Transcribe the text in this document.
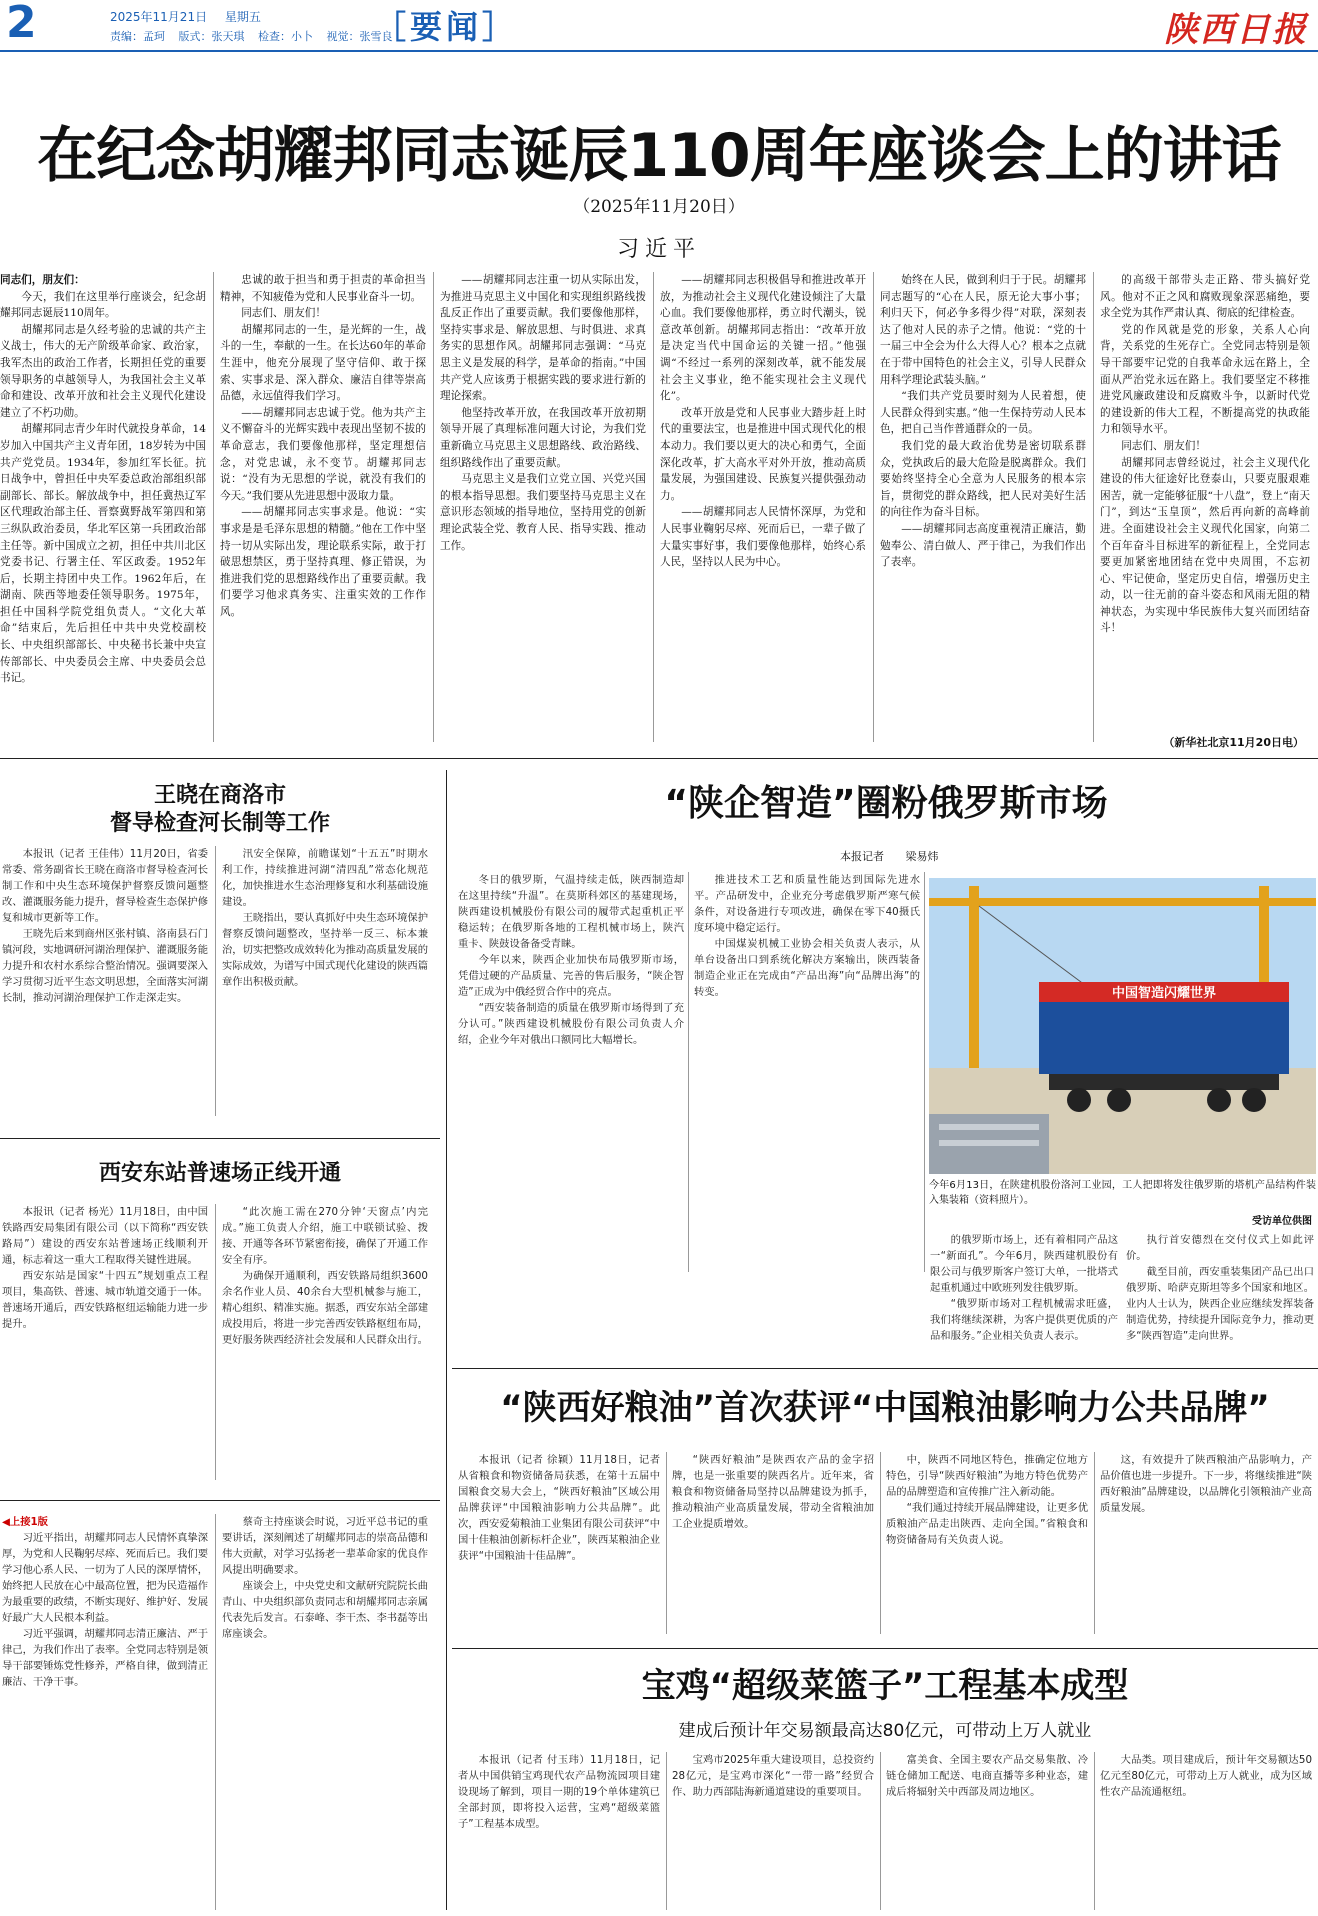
2	2025年11月21日 星期五
责编：孟珂 版式：张天琪 检查：小卜 视觉：张雪良
［要闻］	陕西日报
在纪念胡耀邦同志诞辰110周年座谈会上的讲话
（2025年11月20日）
习近平

同志们，朋友们：

今天，我们在这里举行座谈会，纪念胡耀邦同志诞辰110周年。

胡耀邦同志是久经考验的忠诚的共产主义战士，伟大的无产阶级革命家、政治家，我军杰出的政治工作者，长期担任党的重要领导职务的卓越领导人，为我国社会主义革命和建设、改革开放和社会主义现代化建设建立了不朽功勋。

胡耀邦同志青少年时代就投身革命，14岁加入中国共产主义青年团，18岁转为中国共产党党员。1934年，参加红军长征。抗日战争中，曾担任中央军委总政治部组织部副部长、部长。解放战争中，担任冀热辽军区代理政治部主任、晋察冀野战军第四和第三纵队政治委员，华北军区第一兵团政治部主任等。新中国成立之初，担任中共川北区党委书记、行署主任、军区政委。1952年后，长期主持团中央工作。1962年后，在湖南、陕西等地委任领导职务。1975年，担任中国科学院党组负责人。“文化大革命”结束后，先后担任中共中央党校副校长、中央组织部部长、中央秘书长兼中央宣传部部长、中央委员会主席、中央委员会总书记。

忠诚的敢于担当和勇于担责的革命担当精神，不知疲倦为党和人民事业奋斗一切。

同志们、朋友们！

胡耀邦同志的一生，是光辉的一生，战斗的一生，奉献的一生。在长达60年的革命生涯中，他充分展现了坚守信仰、敢于探索、实事求是、深入群众、廉洁自律等崇高品德，永远值得我们学习。

——胡耀邦同志忠诚于党。他为共产主义不懈奋斗的光辉实践中表现出坚韧不拔的革命意志，我们要像他那样，坚定理想信念，对党忠诚，永不变节。胡耀邦同志说：“没有为无思想的学说，就没有我们的今天。”我们要从先进思想中汲取力量。

——胡耀邦同志实事求是。他说：“实事求是是毛泽东思想的精髓。”他在工作中坚持一切从实际出发，理论联系实际，敢于打破思想禁区，勇于坚持真理、修正错误，为推进我们党的思想路线作出了重要贡献。我们要学习他求真务实、注重实效的工作作风。

——胡耀邦同志注重一切从实际出发，为推进马克思主义中国化和实现组织路线拨乱反正作出了重要贡献。我们要像他那样，坚持实事求是、解放思想、与时俱进、求真务实的思想作风。胡耀邦同志强调：“马克思主义是发展的科学，是革命的指南。”中国共产党人应该勇于根据实践的要求进行新的理论探索。

他坚持改革开放，在我国改革开放初期领导开展了真理标准问题大讨论，为我们党重新确立马克思主义思想路线、政治路线、组织路线作出了重要贡献。

马克思主义是我们立党立国、兴党兴国的根本指导思想。我们要坚持马克思主义在意识形态领域的指导地位，坚持用党的创新理论武装全党、教育人民、指导实践、推动工作。

——胡耀邦同志积极倡导和推进改革开放，为推动社会主义现代化建设倾注了大量心血。我们要像他那样，勇立时代潮头，锐意改革创新。胡耀邦同志指出：“改革开放是决定当代中国命运的关键一招。”他强调“不经过一系列的深刻改革，就不能发展社会主义事业，绝不能实现社会主义现代化”。

改革开放是党和人民事业大踏步赶上时代的重要法宝，也是推进中国式现代化的根本动力。我们要以更大的决心和勇气，全面深化改革，扩大高水平对外开放，推动高质量发展，为强国建设、民族复兴提供强劲动力。

——胡耀邦同志人民情怀深厚，为党和人民事业鞠躬尽瘁、死而后已，一辈子做了大量实事好事，我们要像他那样，始终心系人民，坚持以人民为中心。

始终在人民，做到利归于于民。胡耀邦同志题写的“心在人民，原无论大事小事；利归天下，何必争多得少得”对联，深刻表达了他对人民的赤子之情。他说：“党的十一届三中全会为什么大得人心？根本之点就在于带中国特色的社会主义，引导人民群众用科学理论武装头脑。”

“我们共产党员要时刻为人民着想，使人民群众得到实惠。”他一生保持劳动人民本色，把自己当作普通群众的一员。

我们党的最大政治优势是密切联系群众，党执政后的最大危险是脱离群众。我们要始终坚持全心全意为人民服务的根本宗旨，贯彻党的群众路线，把人民对美好生活的向往作为奋斗目标。

——胡耀邦同志高度重视清正廉洁，勤勉奉公、清白做人、严于律己，为我们作出了表率。

的高级干部带头走正路、带头搞好党风。他对不正之风和腐败现象深恶痛绝，要求全党为其作严肃认真、彻底的纪律检查。

党的作风就是党的形象，关系人心向背，关系党的生死存亡。全党同志特别是领导干部要牢记党的自我革命永远在路上，全面从严治党永远在路上。我们要坚定不移推进党风廉政建设和反腐败斗争，以新时代党的建设新的伟大工程，不断提高党的执政能力和领导水平。

同志们、朋友们！

胡耀邦同志曾经说过，社会主义现代化建设的伟大征途好比登泰山，只要克服艰难困苦，就一定能够征服“十八盘”，登上“南天门”，到达“玉皇顶”，然后再向新的高峰前进。全面建设社会主义现代化国家，向第二个百年奋斗目标进军的新征程上，全党同志要更加紧密地团结在党中央周围，不忘初心、牢记使命，坚定历史自信，增强历史主动，以一往无前的奋斗姿态和风雨无阻的精神状态，为实现中华民族伟大复兴而团结奋斗！

（新华社北京11月20日电）
王晓在商洛市
督导检查河长制等工作

本报讯（记者 王佳伟）11月20日，省委常委、常务副省长王晓在商洛市督导检查河长制工作和中央生态环境保护督察反馈问题整改、灌溉服务能力提升，督导检查生态保护修复和城市更新等工作。

王晓先后来到商州区张村镇、洛南县石门镇河段，实地调研河湖治理保护、灌溉服务能力提升和农村水系综合整治情况。强调要深入学习贯彻习近平生态文明思想，全面落实河湖长制，推动河湖治理保护工作走深走实。

汛安全保障，前瞻谋划“十五五”时期水利工作，持续推进河湖“清四乱”常态化规范化，加快推进水生态治理修复和水利基础设施建设。

王晓指出，要认真抓好中央生态环境保护督察反馈问题整改，坚持举一反三、标本兼治，切实把整改成效转化为推动高质量发展的实际成效，为谱写中国式现代化建设的陕西篇章作出积极贡献。

西安东站普速场正线开通

本报讯（记者 杨光）11月18日，由中国铁路西安局集团有限公司（以下简称“西安铁路局”）建设的西安东站普速场正线顺利开通，标志着这一重大工程取得关键性进展。

西安东站是国家“十四五”规划重点工程项目，集高铁、普速、城市轨道交通于一体。普速场开通后，西安铁路枢纽运输能力进一步提升。

“此次施工需在270分钟‘天窗点’内完成。”施工负责人介绍，施工中联锁试验、拨接、开通等各环节紧密衔接，确保了开通工作安全有序。

为确保开通顺利，西安铁路局组织3600余名作业人员、40余台大型机械参与施工，精心组织、精准实施。据悉，西安东站全部建成投用后，将进一步完善西安铁路枢纽布局，更好服务陕西经济社会发展和人民群众出行。

◀上接1版

习近平指出，胡耀邦同志人民情怀真挚深厚，为党和人民鞠躬尽瘁、死而后已。我们要学习他心系人民、一切为了人民的深厚情怀，始终把人民放在心中最高位置，把为民造福作为最重要的政绩，不断实现好、维护好、发展好最广大人民根本利益。

习近平强调，胡耀邦同志清正廉洁、严于律己，为我们作出了表率。全党同志特别是领导干部要锤炼党性修养，严格自律，做到清正廉洁、干净干事。

蔡奇主持座谈会时说，习近平总书记的重要讲话，深刻阐述了胡耀邦同志的崇高品德和伟大贡献，对学习弘扬老一辈革命家的优良作风提出明确要求。

座谈会上，中央党史和文献研究院院长曲青山、中央组织部负责同志和胡耀邦同志亲属代表先后发言。石泰峰、李干杰、李书磊等出席座谈会。

“陕企智造”圈粉俄罗斯市场
本报记者 梁易炜

冬日的俄罗斯，气温持续走低，陕西制造却在这里持续“升温”。在莫斯科郊区的基建现场，陕西建设机械股份有限公司的履带式起重机正平稳运转；在俄罗斯各地的工程机械市场上，陕汽重卡、陕鼓设备备受青睐。

今年以来，陕西企业加快布局俄罗斯市场，凭借过硬的产品质量、完善的售后服务，“陕企智造”正成为中俄经贸合作中的亮点。

“西安装备制造的质量在俄罗斯市场得到了充分认可。”陕西建设机械股份有限公司负责人介绍，企业今年对俄出口额同比大幅增长。

推进技术工艺和质量性能达到国际先进水平。产品研发中，企业充分考虑俄罗斯严寒气候条件，对设备进行专项改进，确保在零下40摄氏度环境中稳定运行。

中国煤炭机械工业协会相关负责人表示，从单台设备出口到系统化解决方案输出，陕西装备制造企业正在完成由“产品出海”向“品牌出海”的转变。	中国智造闪耀世界
今年6月13日，在陕建机股份洛河工业园，工人把即将发往俄罗斯的塔机产品结构件装入集装箱（资料照片）。
受访单位供图

的俄罗斯市场上，还有着相同产品这一“新面孔”。今年6月，陕西建机股份有限公司与俄罗斯客户签订大单，一批塔式起重机通过中欧班列发往俄罗斯。

“俄罗斯市场对工程机械需求旺盛，我们将继续深耕，为客户提供更优质的产品和服务。”企业相关负责人表示。

执行首安德烈在交付仪式上如此评价。

截至目前，西安重装集团产品已出口俄罗斯、哈萨克斯坦等多个国家和地区。业内人士认为，陕西企业应继续发挥装备制造优势，持续提升国际竞争力，推动更多“陕西智造”走向世界。

“陕西好粮油”首次获评“中国粮油影响力公共品牌”

本报讯（记者 徐颖）11月18日，记者从省粮食和物资储备局获悉，在第十五届中国粮食交易大会上，“陕西好粮油”区域公用品牌获评“中国粮油影响力公共品牌”。此次，西安爱菊粮油工业集团有限公司获评“中国十佳粮油创新标杆企业”，陕西某粮油企业获评“中国粮油十佳品牌”。

“陕西好粮油”是陕西农产品的金字招牌，也是一张重要的陕西名片。近年来，省粮食和物资储备局坚持以品牌建设为抓手，推动粮油产业高质量发展，带动全省粮油加工企业提质增效。

中，陕西不同地区特色，推确定位地方特色，引导“陕西好粮油”为地方特色优势产品的品牌塑造和宣传推广注入新动能。

“我们通过持续开展品牌建设，让更多优质粮油产品走出陕西、走向全国。”省粮食和物资储备局有关负责人说。

这，有效提升了陕西粮油产品影响力，产品价值也进一步提升。下一步，将继续推进“陕西好粮油”品牌建设，以品牌化引领粮油产业高质量发展。

宝鸡“超级菜篮子”工程基本成型
建成后预计年交易额最高达80亿元，可带动上万人就业

本报讯（记者 付玉玮）11月18日，记者从中国供销宝鸡现代农产品物流园项目建设现场了解到，项目一期的19个单体建筑已全部封顶，即将投入运营，宝鸡“超级菜篮子”工程基本成型。

宝鸡市2025年重大建设项目，总投资约28亿元，是宝鸡市深化“一带一路”经贸合作、助力西部陆海新通道建设的重要项目。

富美食、全国主要农产品交易集散、冷链仓储加工配送、电商直播等多种业态，建成后将辐射关中西部及周边地区。

大品类。项目建成后，预计年交易额达50亿元至80亿元，可带动上万人就业，成为区域性农产品流通枢纽。
